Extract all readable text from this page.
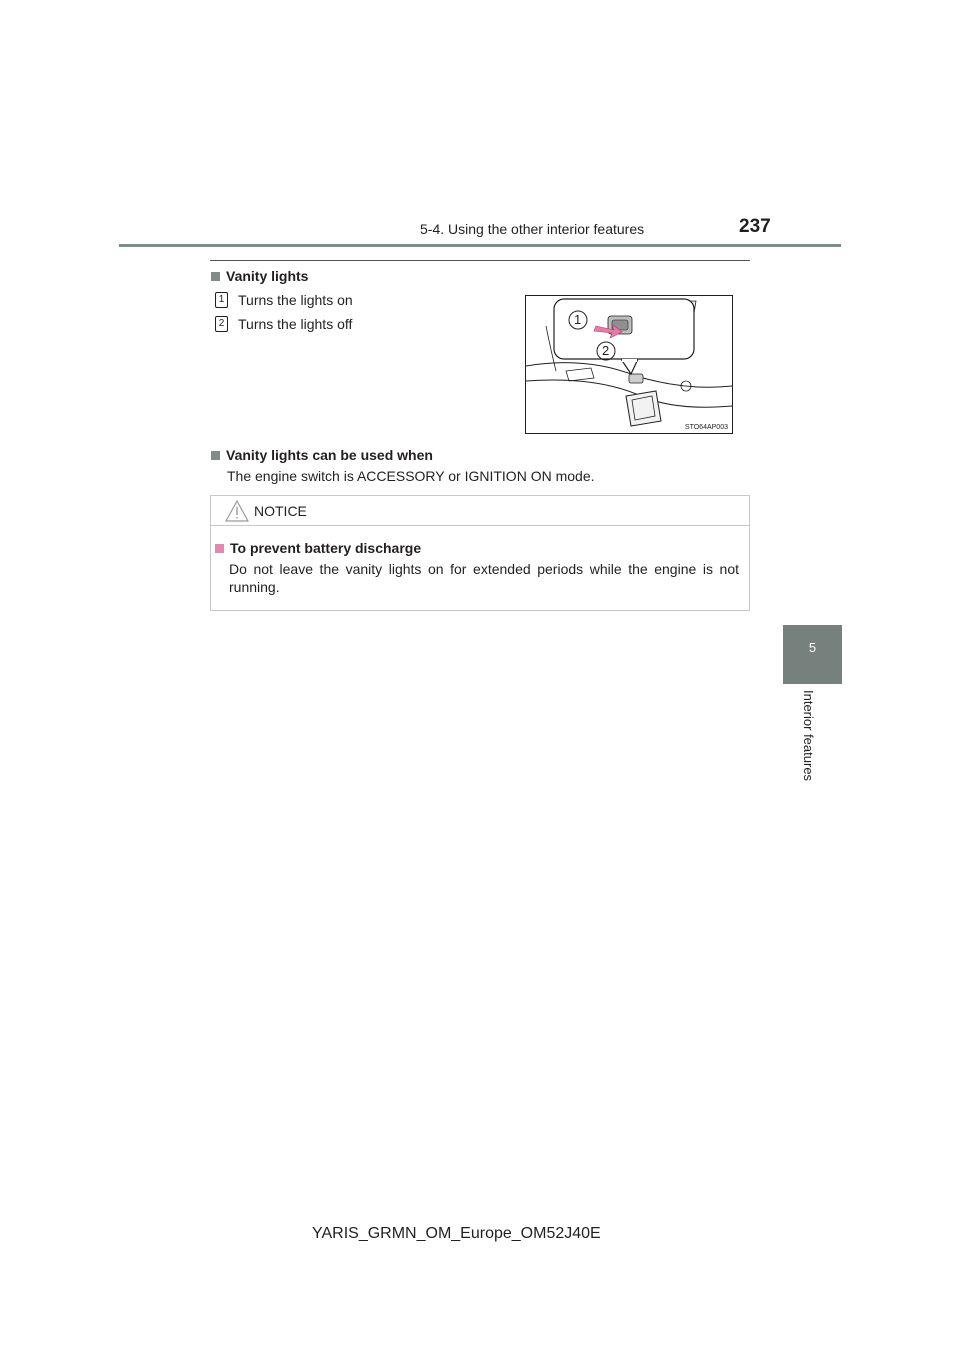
5-4. Using the other interior features	237
5
Interior features
Vanity lights
1 Turns the lights on
2 Turns the lights off	1
2
STO64AP003
Vanity lights can be used when
The engine switch is ACCESSORY or IGNITION ON mode.
NOTICE
To prevent battery discharge
Do not leave the vanity lights on for extended periods while the engine is not running.
YARIS_GRMN_OM_Europe_OM52J40E
